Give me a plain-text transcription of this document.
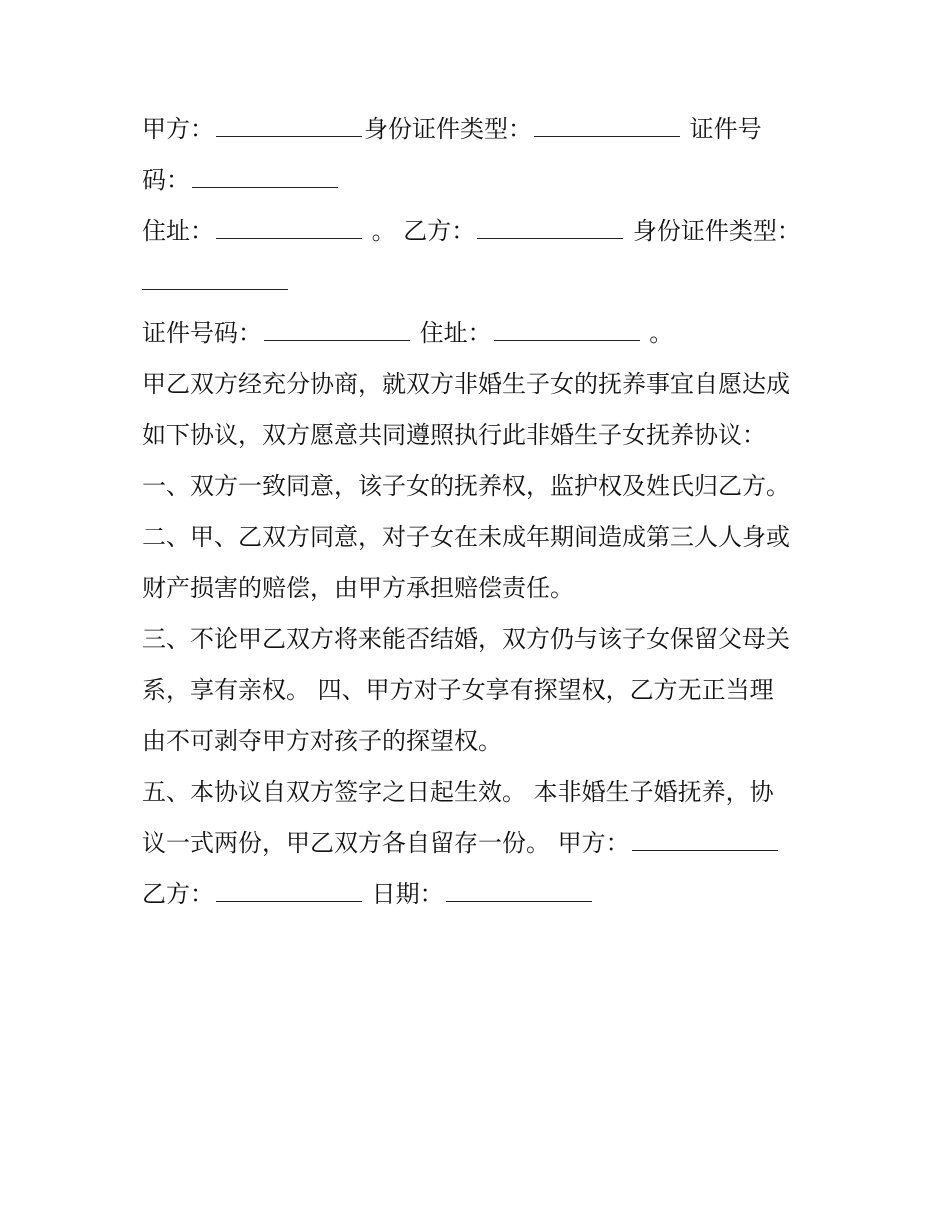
甲方：	身份证件类型：	证件号
码：
住址：	。 乙方：	身份证件类型：
证件号码：	住址：	。
甲乙双方经充分协商，就双方非婚生子女的抚养事宜自愿达成
如下协议，双方愿意共同遵照执行此非婚生子女抚养协议：
一、双方一致同意，该子女的抚养权，监护权及姓氏归乙方。
二、甲、乙双方同意，对子女在未成年期间造成第三人人身或
财产损害的赔偿，由甲方承担赔偿责任。
三、不论甲乙双方将来能否结婚，双方仍与该子女保留父母关
系，享有亲权。 四、甲方对子女享有探望权，乙方无正当理
由不可剥夺甲方对孩子的探望权。
五、本协议自双方签字之日起生效。 本非婚生子婚抚养，协
议一式两份，甲乙双方各自留存一份。 甲方：
乙方：	日期：
